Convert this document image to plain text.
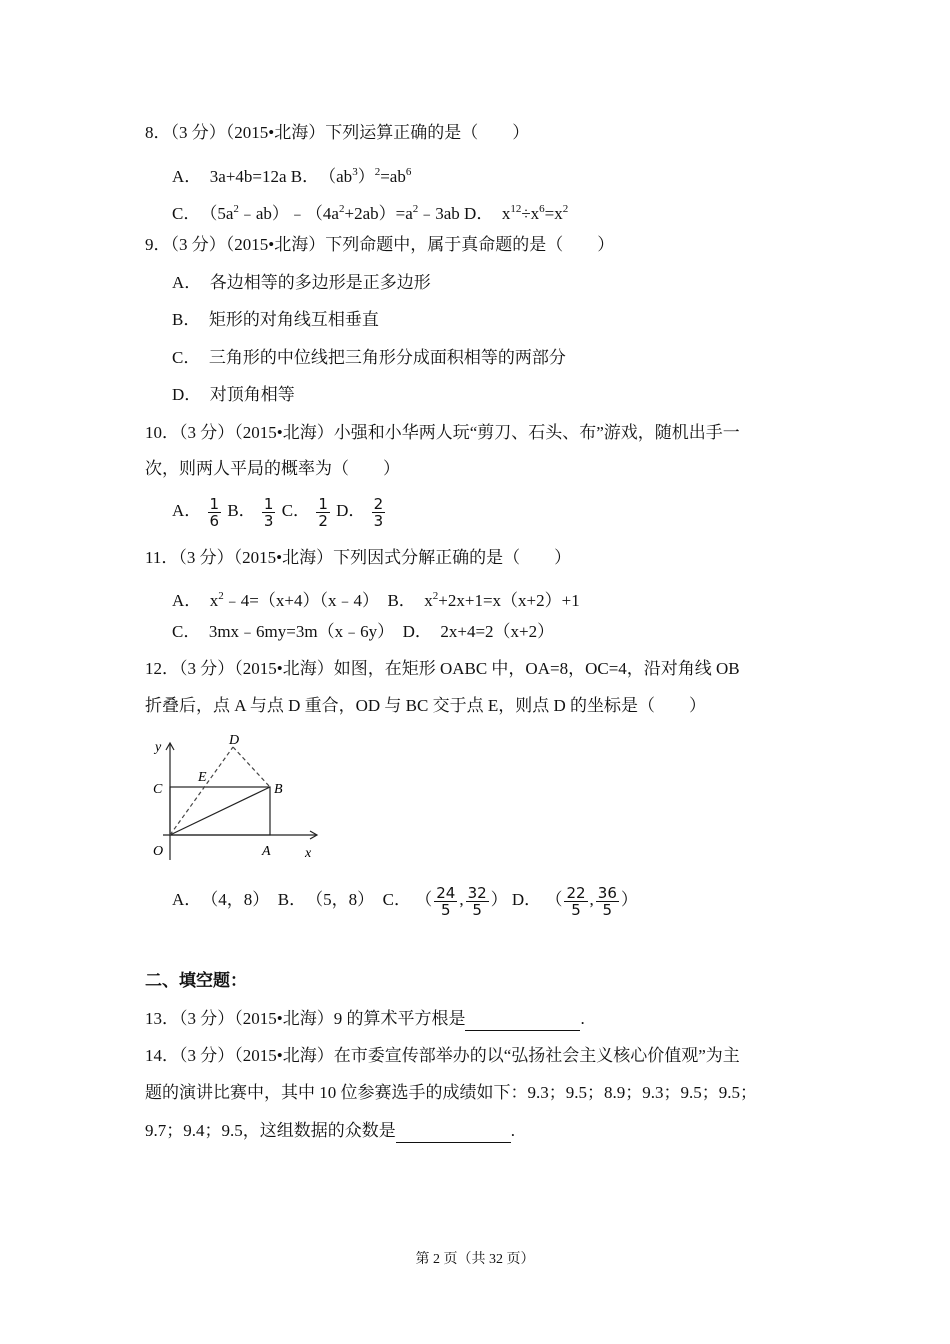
8．（3 分）（2015•北海）下列运算正确的是（　　）
A．　3a+4b=12a B．　$(ab^3)^2=ab^6$
C．　$(5a^2﹣ab)﹣(4a^2+2ab)=a^2﹣3ab$ D．　$x^{12}\div x^6=x^2$
9．（3 分）（2015•北海）下列命题中，属于真命题的是（　　）
A．　各边相等的多边形是正多边形
B．　矩形的对角线互相垂直
C．　三角形的中位线把三角形分成面积相等的两部分
D．　对顶角相等
10．（3 分）（2015•北海）小强和小华两人玩“剪刀、石头、布”游戏，随机出手一
次，则两人平局的概率为（　　）
A． $\frac{1}{6}$ B． $\frac{1}{3}$ C． $\frac{1}{2}$ D． $\frac{2}{3}$
11．（3 分）（2015•北海）下列因式分解正确的是（　　）
A．　$x^2﹣4=(x+4)(x﹣4)$　B．　$x^2+2x+1=x(x+2)+1$
C．　3mx﹣6my=3m（x﹣6y）　D．　2x+4=2（x+2）
12．（3 分）（2015•北海）如图，在矩形 OABC 中，OA=8，OC=4，沿对角线 OB
折叠后，点 A 与点 D 重合，OD 与 BC 交于点 E，则点 D 的坐标是（　　）
y
x
O	A
B
C
D
E
A．　（4，8）　B．　（5，8）　C． （ $\frac{24}{5}$ , $\frac{32}{5}$ ） D． （ $\frac{22}{5}$ , $\frac{36}{5}$ ）
二、填空题：
13．（3 分）（2015•北海）9 的算术平方根是	.
14．（3 分）（2015•北海）在市委宣传部举办的以“弘扬社会主义核心价值观”为主
题的演讲比赛中，其中 10 位参赛选手的成绩如下：9.3；9.5；8.9；9.3；9.5；9.5；
9.7；9.4；9.5，这组数据的众数是	.
第 2 页（共 32 页）
